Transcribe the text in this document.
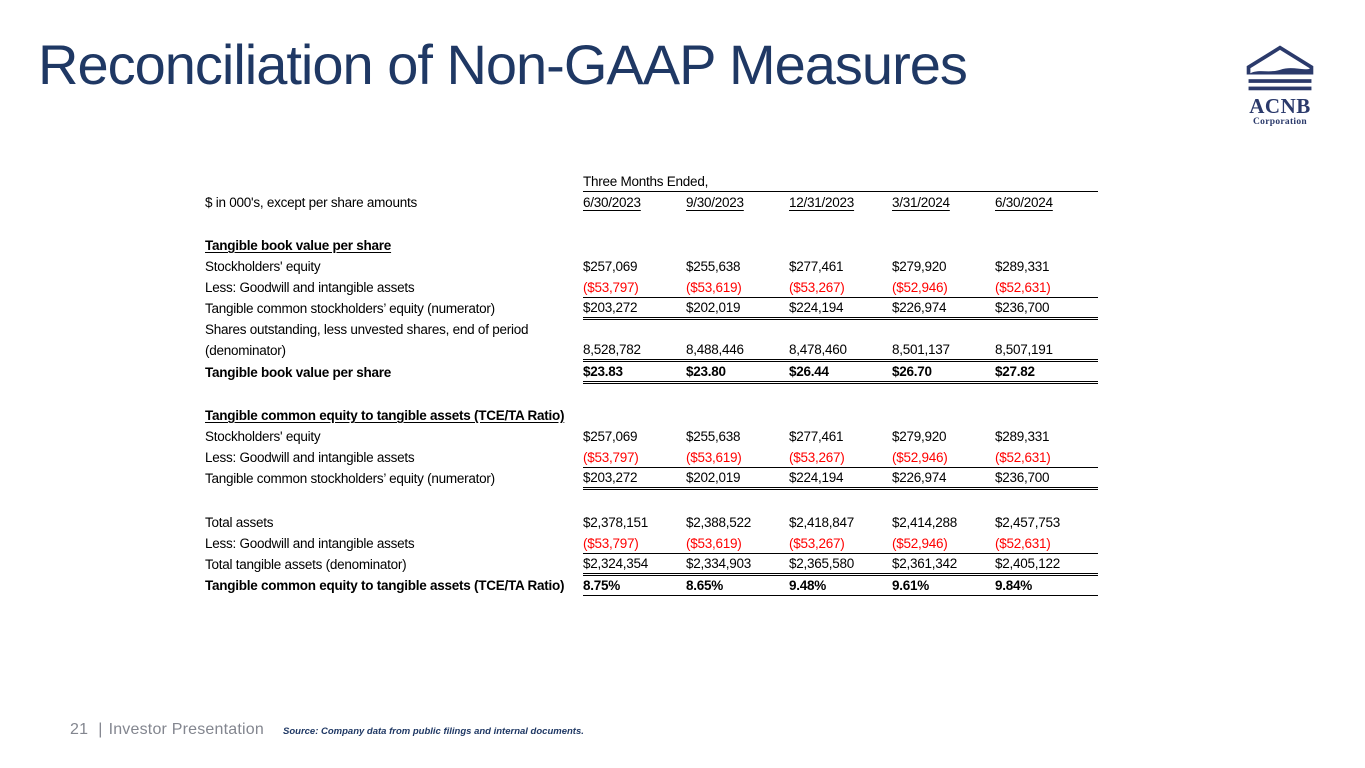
Reconciliation of Non-GAAP Measures
ACNB
Corporation
	Three Months Ended,				
$ in 000's, except per share amounts	6/30/2023	9/30/2023	12/31/2023	3/31/2024	6/30/2024

Tangible book value per share					
Stockholders' equity	$257,069	$255,638	$277,461	$279,920	$289,331
Less: Goodwill and intangible assets	($53,797)	($53,619)	($53,267)	($52,946)	($52,631)
Tangible common stockholders’ equity (numerator)	$203,272	$202,019	$224,194	$226,974	$236,700
Shares outstanding, less unvested shares, end of period					
(denominator)	8,528,782	8,488,446	8,478,460	8,501,137	8,507,191
Tangible book value per share	$23.83	$23.80	$26.44	$26.70	$27.82

Tangible common equity to tangible assets (TCE/TA Ratio)					
Stockholders' equity	$257,069	$255,638	$277,461	$279,920	$289,331
Less: Goodwill and intangible assets	($53,797)	($53,619)	($53,267)	($52,946)	($52,631)
Tangible common stockholders’ equity (numerator)	$203,272	$202,019	$224,194	$226,974	$236,700

Total assets	$2,378,151	$2,388,522	$2,418,847	$2,414,288	$2,457,753
Less: Goodwill and intangible assets	($53,797)	($53,619)	($53,267)	($52,946)	($52,631)
Total tangible assets (denominator)	$2,324,354	$2,334,903	$2,365,580	$2,361,342	$2,405,122
Tangible common equity to tangible assets (TCE/TA Ratio)	8.75%	8.65%	9.48%	9.61%	9.84%
21 | Investor Presentation Source: Company data from public filings and internal documents.
